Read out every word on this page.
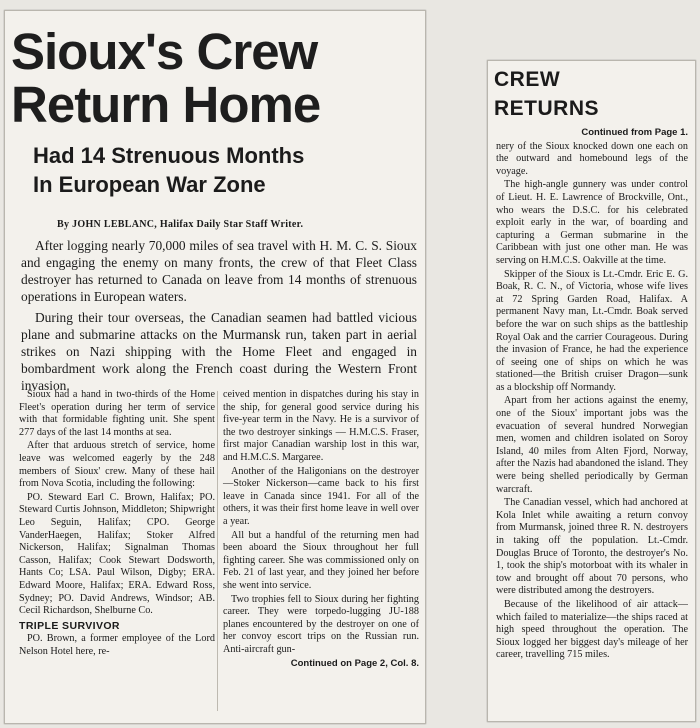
Sioux's Crew
Return Home
Had 14 Strenuous Months
In European War Zone
By JOHN LEBLANC, Halifax Daily Star Staff Writer.

After logging nearly 70,000 miles of sea travel with H. M. C. S. Sioux and engaging the enemy on many fronts, the crew of that Fleet Class destroyer has returned to Canada on leave from 14 months of strenuous operations in European waters.

During their tour overseas, the Canadian seamen had battled vicious plane and submarine attacks on the Murmansk run, taken part in aerial strikes on Nazi shipping with the Home Fleet and engaged in bombardment work along the French coast during the Western Front invasion.

Sioux had a hand in two-thirds of the Home Fleet's operation during her term of service with that formidable fighting unit. She spent 277 days of the last 14 months at sea.

After that arduous stretch of service, home leave was welcomed eagerly by the 248 members of Sioux' crew. Many of these hail from Nova Scotia, including the following:

PO. Steward Earl C. Brown, Halifax; PO. Steward Curtis Johnson, Middleton; Shipwright Leo Seguin, Halifax; CPO. George VanderHaegen, Halifax; Stoker Alfred Nickerson, Halifax; Signalman Thomas Casson, Halifax; Cook Stewart Dodsworth, Hants Co; LSA. Paul Wilson, Digby; ERA. Edward Moore, Halifax; ERA. Edward Ross, Sydney; PO. David Andrews, Windsor; AB. Cecil Richardson, Shelburne Co.

TRIPLE SURVIVOR

PO. Brown, a former employee of the Lord Nelson Hotel here, re-

ceived mention in dispatches during his stay in the ship, for general good service during his five-year term in the Navy. He is a survivor of the two destroyer sinkings — H.M.C.S. Fraser, first major Canadian warship lost in this war, and H.M.C.S. Margaree.

Another of the Haligonians on the destroyer—Stoker Nickerson—came back to his first leave in Canada since 1941. For all of the others, it was their first home leave in well over a year.

All but a handful of the returning men had been aboard the Sioux throughout her full fighting career. She was commissioned only on Feb. 21 of last year, and they joined her before she went into service.

Two trophies fell to Sioux during her fighting career. They were torpedo-lugging JU-188 planes encountered by the destroyer on one of her convoy escort trips on the Russian run. Anti-aircraft gun-

Continued on Page 2, Col. 8.
CREW
RETURNS

Continued from Page 1.

nery of the Sioux knocked down one each on the outward and homebound legs of the voyage.

The high-angle gunnery was under control of Lieut. H. E. Lawrence of Brockville, Ont., who wears the D.S.C. for his celebrated exploit early in the war, of boarding and capturing a German submarine in the Caribbean with just one other man. He was serving on H.M.C.S. Oakville at the time.

Skipper of the Sioux is Lt.-Cmdr. Eric E. G. Boak, R. C. N., of Victoria, whose wife lives at 72 Spring Garden Road, Halifax. A permanent Navy man, Lt.-Cmdr. Boak served before the war on such ships as the battleship Royal Oak and the carrier Courageous. During the invasion of France, he had the experience of seeing one of ships on which he was stationed—the British cruiser Dragon—sunk as a blockship off Normandy.

Apart from her actions against the enemy, one of the Sioux' important jobs was the evacuation of several hundred Norwegian men, women and children isolated on Soroy Island, 40 miles from Alten Fjord, Norway, after the Nazis had abandoned the island. They were being shelled periodically by German warcraft.

The Canadian vessel, which had anchored at Kola Inlet while awaiting a return convoy from Murmansk, joined three R. N. destroyers in taking off the population. Lt.-Cmdr. Douglas Bruce of Toronto, the destroyer's No. 1, took the ship's motorboat with its whaler in tow and brought off about 70 persons, who were distributed among the destroyers.

Because of the likelihood of air attack—which failed to materialize—the ships raced at high speed throughout the operation. The Sioux logged her biggest day's mileage of her career, travelling 715 miles.
